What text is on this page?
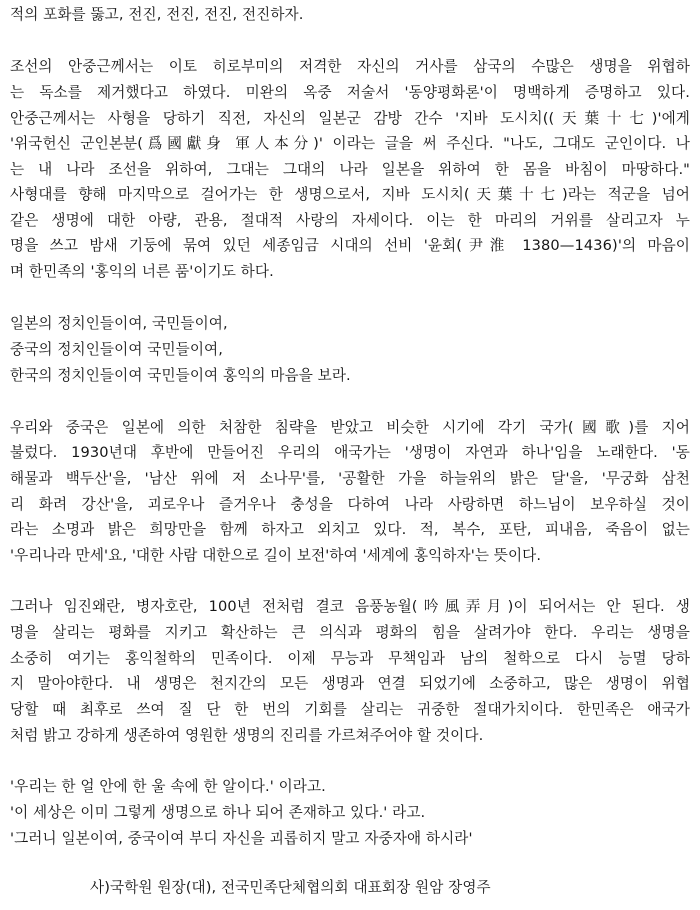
적의 포화를 뚫고, 전진, 전진, 전진, 전진하자.
조선의 안중근께서는 이토 히로부미의 저격한 자신의 거사를 삼국의 수많은 생명을 위협하
는 독소를 제거했다고 하였다. 미완의 옥중 저술서 '동양평화론'이 명백하게 증명하고 있다.
안중근께서는 사형을 당하기 직전, 자신의 일본군 감방 간수 '지바 도시치((天葉十七)'에게
'위국헌신 군인본분(爲國獻身 軍人本分)' 이라는 글을 써 주신다. "나도, 그대도 군인이다. 나
는 내 나라 조선을 위하여, 그대는 그대의 나라 일본을 위하여 한 몸을 바침이 마땅하다."
사형대를 향해 마지막으로 걸어가는 한 생명으로서, 지바 도시치(天葉十七)라는 적군을 넘어
같은 생명에 대한 아량, 관용, 절대적 사랑의 자세이다. 이는 한 마리의 거위를 살리고자 누
명을 쓰고 밤새 기둥에 묶여 있던 세종임금 시대의 선비 '윤회(尹淮 1380—1436)'의 마음이
며 한민족의 '홍익의 너른 품'이기도 하다.
일본의 정치인들이여, 국민들이여,
중국의 정치인들이여 국민들이여,
한국의 정치인들이여 국민들이여 홍익의 마음을 보라.
우리와 중국은 일본에 의한 처참한 침략을 받았고 비슷한 시기에 각기 국가(國歌)를 지어
불렀다. 1930년대 후반에 만들어진 우리의 애국가는 '생명이 자연과 하나'임을 노래한다. '동
해물과 백두산'을, '남산 위에 저 소나무'를, '공활한 가을 하늘위의 밝은 달'을, '무궁화 삼천
리 화려 강산'을, 괴로우나 즐거우나 충성을 다하여 나라 사랑하면 하느님이 보우하실 것이
라는 소명과 밝은 희망만을 함께 하자고 외치고 있다. 적, 복수, 포탄, 피내음, 죽음이 없는
'우리나라 만세'요, '대한 사람 대한으로 길이 보전'하여 '세계에 홍익하자'는 뜻이다.
그러나 임진왜란, 병자호란, 100년 전처럼 결코 음풍농월(吟風弄月)이 되어서는 안 된다. 생
명을 살리는 평화를 지키고 확산하는 큰 의식과 평화의 힘을 살려가야 한다. 우리는 생명을
소중히 여기는 홍익철학의 민족이다. 이제 무능과 무책임과 남의 철학으로 다시 능멸 당하
지 말아야한다. 내 생명은 천지간의 모든 생명과 연결 되었기에 소중하고, 많은 생명이 위협
당할 때 최후로 쓰여 질 단 한 번의 기회를 살리는 귀중한 절대가치이다. 한민족은 애국가
처럼 밝고 강하게 생존하여 영원한 생명의 진리를 가르쳐주어야 할 것이다.
'우리는 한 얼 안에 한 울 속에 한 알이다.' 이라고.
'이 세상은 이미 그렇게 생명으로 하나 되어 존재하고 있다.' 라고.
'그러니 일본이여, 중국이여 부디 자신을 괴롭히지 말고 자중자애 하시라'
사)국학원 원장(대), 전국민족단체협의회 대표회장 원암 장영주
